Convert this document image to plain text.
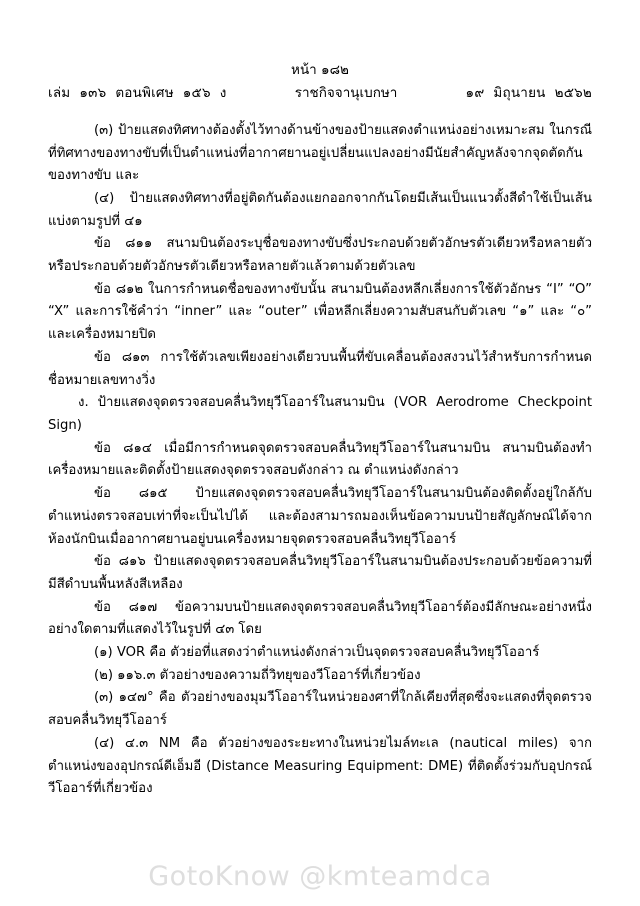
หน้า ๑๘๒
เล่ม  ๑๓๖  ตอนพิเศษ  ๑๕๖  ง	ราชกิจจานุเบกษา	๑๙  มิถุนายน  ๒๕๖๒

(๓) ป้ายแสดงทิศทางต้องตั้งไว้ทางด้านข้างของป้ายแสดงตำแหน่งอย่างเหมาะสม ในกรณีที่ทิศทางของทางขับที่เป็นตำแหน่งที่อากาศยานอยู่เปลี่ยนแปลงอย่างมีนัยสำคัญหลังจากจุดตัดกันของทางขับ และ

(๔) ป้ายแสดงทิศทางที่อยู่ติดกันต้องแยกออกจากกันโดยมีเส้นเป็นแนวตั้งสีดำใช้เป็นเส้นแบ่งตามรูปที่ ๔๑

ข้อ ๘๑๑ สนามบินต้องระบุชื่อของทางขับซึ่งประกอบด้วยตัวอักษรตัวเดียวหรือหลายตัวหรือประกอบด้วยตัวอักษรตัวเดียวหรือหลายตัวแล้วตามด้วยตัวเลข

ข้อ ๘๑๒ ในการกำหนดชื่อของทางขับนั้น สนามบินต้องหลีกเลี่ยงการใช้ตัวอักษร “I” “O” “X” และการใช้คำว่า “inner” และ “outer” เพื่อหลีกเลี่ยงความสับสนกับตัวเลข “๑” และ “๐” และเครื่องหมายปิด

ข้อ ๘๑๓ การใช้ตัวเลขเพียงอย่างเดียวบนพื้นที่ขับเคลื่อนต้องสงวนไว้สำหรับการกำหนดชื่อหมายเลขทางวิ่ง

ง. ป้ายแสดงจุดตรวจสอบคลื่นวิทยุวีโออาร์ในสนามบิน (VOR Aerodrome Checkpoint Sign)

ข้อ ๘๑๔ เมื่อมีการกำหนดจุดตรวจสอบคลื่นวิทยุวีโออาร์ในสนามบิน สนามบินต้องทำเครื่องหมายและติดตั้งป้ายแสดงจุดตรวจสอบดังกล่าว ณ ตำแหน่งดังกล่าว

ข้อ ๘๑๕ ป้ายแสดงจุดตรวจสอบคลื่นวิทยุวีโออาร์ในสนามบินต้องติดตั้งอยู่ใกล้กับตำแหน่งตรวจสอบเท่าที่จะเป็นไปได้ และต้องสามารถมองเห็นข้อความบนป้ายสัญลักษณ์ได้จากห้องนักบินเมื่ออากาศยานอยู่บนเครื่องหมายจุดตรวจสอบคลื่นวิทยุวีโออาร์

ข้อ ๘๑๖ ป้ายแสดงจุดตรวจสอบคลื่นวิทยุวีโออาร์ในสนามบินต้องประกอบด้วยข้อความที่มีสีดำบนพื้นหลังสีเหลือง

ข้อ ๘๑๗ ข้อความบนป้ายแสดงจุดตรวจสอบคลื่นวิทยุวีโออาร์ต้องมีลักษณะอย่างหนึ่งอย่างใดตามที่แสดงไว้ในรูปที่ ๔๓ โดย

(๑) VOR คือ ตัวย่อที่แสดงว่าตำแหน่งดังกล่าวเป็นจุดตรวจสอบคลื่นวิทยุวีโออาร์

(๒) ๑๑๖.๓ ตัวอย่างของความถี่วิทยุของวีโออาร์ที่เกี่ยวข้อง

(๓) ๑๔๗° คือ ตัวอย่างของมุมวีโออาร์ในหน่วยองศาที่ใกล้เคียงที่สุดซึ่งจะแสดงที่จุดตรวจสอบคลื่นวิทยุวีโออาร์

(๔) ๔.๓ NM คือ ตัวอย่างของระยะทางในหน่วยไมล์ทะเล (nautical miles) จากตำแหน่งของอุปกรณ์ดีเอ็มอี (Distance Measuring Equipment: DME) ที่ติดตั้งร่วมกับอุปกรณ์วีโออาร์ที่เกี่ยวข้อง

GotoKnow @kmteamdca
